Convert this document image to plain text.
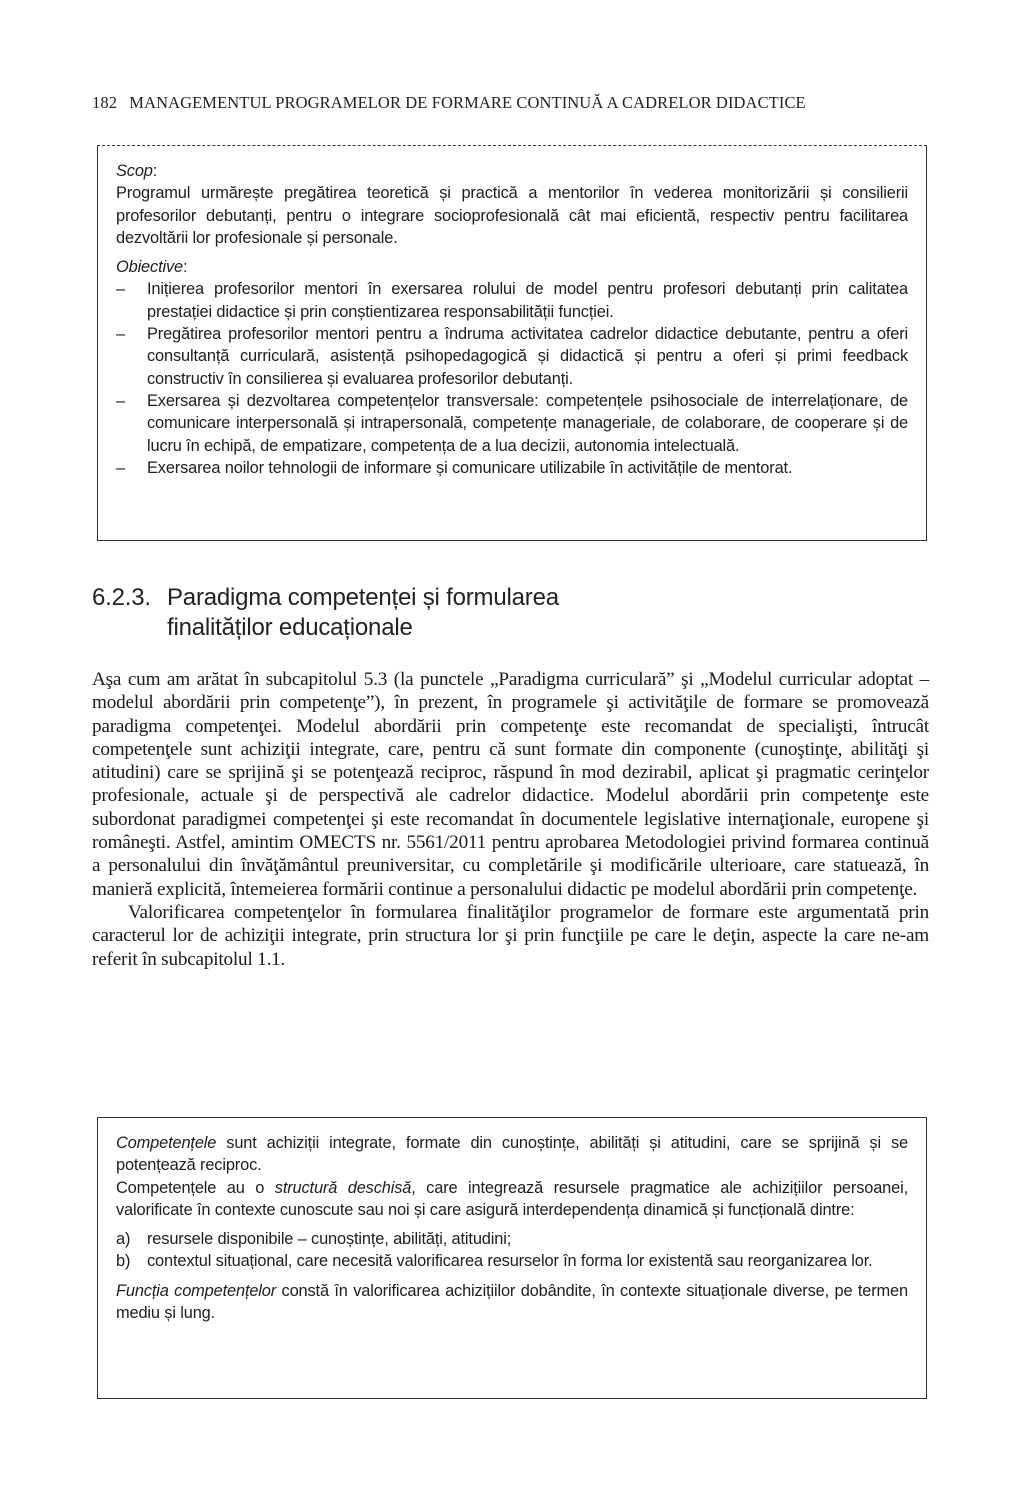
182 MANAGEMENTUL PROGRAMELOR DE FORMARE CONTINUĂ A CADRELOR DIDACTICE
Scop:

Programul urmărește pregătirea teoretică și practică a mentorilor în vederea monitorizării și consilierii profesorilor debutanți, pentru o integrare socioprofesională cât mai eficientă, respectiv pentru facilitarea dezvoltării lor profesionale și personale.

Obiective:
– Inițierea profesorilor mentori în exersarea rolului de model pentru profesori debutanți prin calitatea prestației didactice și prin conștientizarea responsabilității funcției.
– Pregătirea profesorilor mentori pentru a îndruma activitatea cadrelor didactice debutante, pentru a oferi consultanță curriculară, asistență psihopedagogică și didactică și pentru a oferi și primi feedback constructiv în consilierea și evaluarea profesorilor debutanți.
– Exersarea și dezvoltarea competențelor transversale: competențele psihosociale de interrelaționare, de comunicare interpersonală și intrapersonală, competențe manageriale, de colaborare, de cooperare și de lucru în echipă, de empatizare, competența de a lua decizii, autonomia intelectuală.
– Exersarea noilor tehnologii de informare și comunicare utilizabile în activitățile de mentorat.
6.2.3. Paradigma competenței și formularea
finalităților educaționale

Aşa cum am arătat în subcapitolul 5.3 (la punctele „Paradigma curriculară” şi „Modelul curricular adoptat – modelul abordării prin competenţe”), în prezent, în programele şi activităţile de formare se promovează paradigma competenţei. Modelul abordării prin competenţe este recomandat de specialişti, întrucât competenţele sunt achiziţii integrate, care, pentru că sunt formate din componente (cunoştinţe, abilităţi şi atitudini) care se sprijină şi se potenţează reciproc, răspund în mod dezirabil, aplicat şi pragmatic cerinţelor profesionale, actuale şi de perspectivă ale cadrelor didactice. Modelul abordării prin competenţe este subordonat paradigmei competenţei şi este recomandat în documentele legislative internaţionale, europene şi româneşti. Astfel, amintim OMECTS nr. 5561/2011 pentru aprobarea Metodologiei privind formarea continuă a personalului din învăţământul preuniversitar, cu completările şi modificările ulterioare, care statuează, în manieră explicită, întemeierea formării continue a personalului didactic pe modelul abordării prin competenţe.

Valorificarea competenţelor în formularea finalităţilor programelor de formare este argumentată prin caracterul lor de achiziţii integrate, prin structura lor şi prin funcţiile pe care le deţin, aspecte la care ne-am referit în subcapitolul 1.1.

Competențele sunt achiziții integrate, formate din cunoștințe, abilități și atitudini, care se sprijină și se potențează reciproc.

Competențele au o structură deschisă, care integrează resursele pragmatice ale achizițiilor persoanei, valorificate în contexte cunoscute sau noi și care asigură interdependența dinamică și funcțională dintre:

a) resursele disponibile – cunoștințe, abilități, atitudini;
b) contextul situațional, care necesită valorificarea resurselor în forma lor existentă sau reorganizarea lor.

Funcția competențelor constă în valorificarea achizițiilor dobândite, în contexte situaționale diverse, pe termen mediu și lung.
